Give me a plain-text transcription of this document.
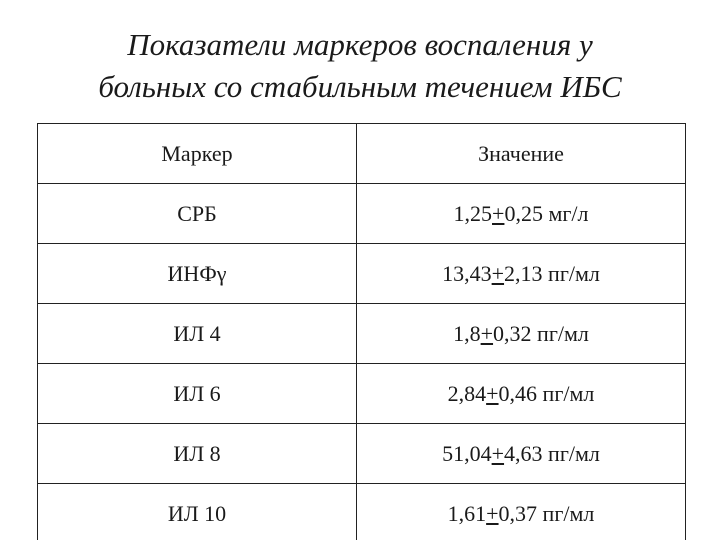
Показатели маркеров воспаления у
больных со стабильным течением ИБС
Маркер	Значение
СРБ	1,25+0,25 мг/л
ИНФγ	13,43+2,13 пг/мл
ИЛ 4	1,8+0,32 пг/мл
ИЛ 6	2,84+0,46 пг/мл
ИЛ 8	51,04+4,63 пг/мл
ИЛ 10	1,61+0,37 пг/мл
